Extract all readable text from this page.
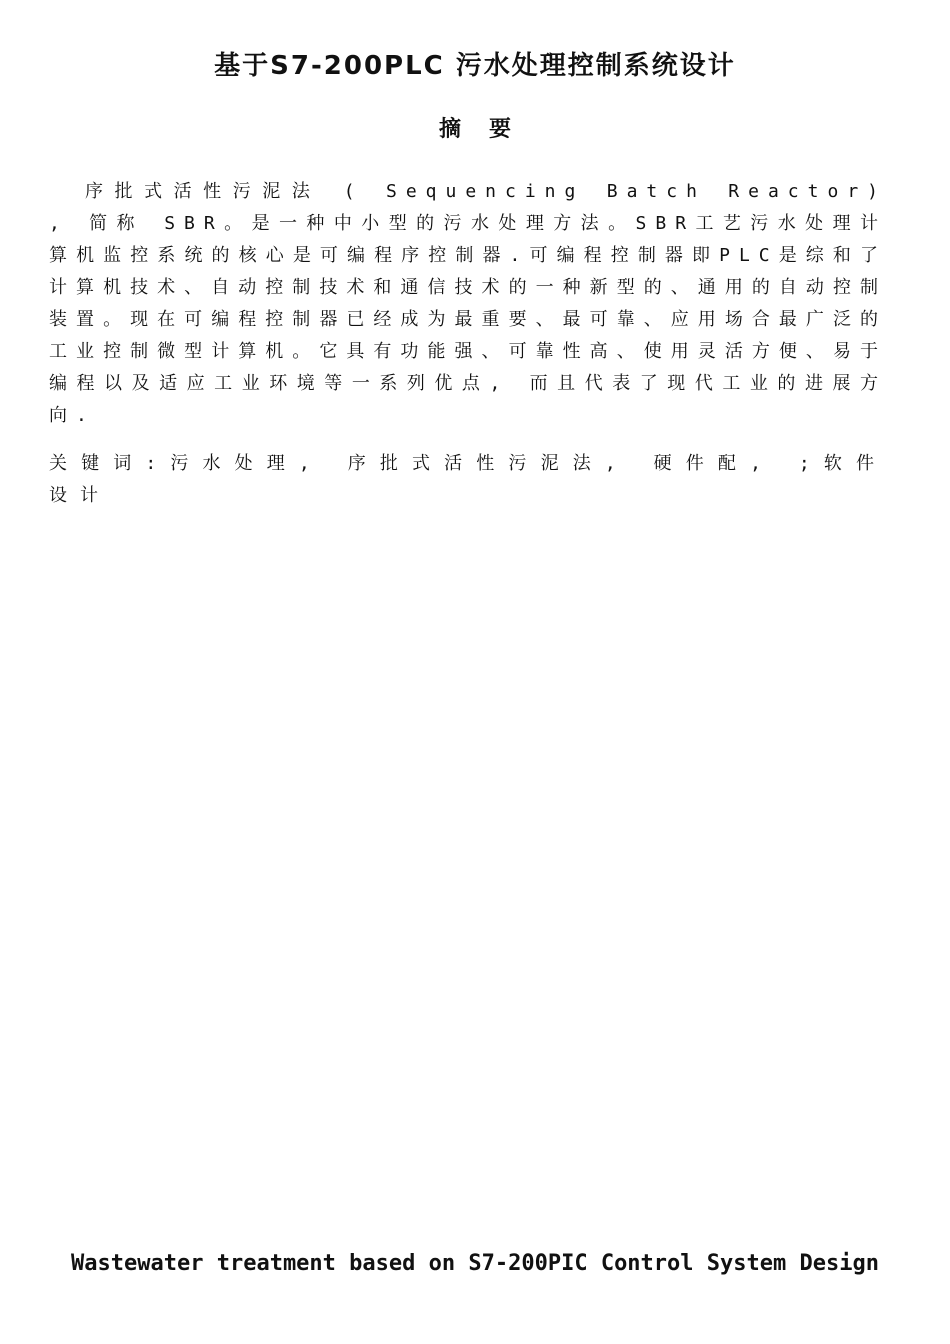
基于S7-200PLC 污水处理控制系统设计
摘要

序批式活性污泥法 ( Sequencing Batch Reactor) , 简称 SBR。是一种中小型的污水处理方法。SBR工艺污水处理计算机监控系统的核心是可编程序控制器.可编程控制器即PLC是综和了计算机技术、自动控制技术和通信技术的一种新型的、通用的自动控制装置。现在可编程控制器已经成为最重要、最可靠、应用场合最广泛的工业控制微型计算机。它具有功能强、可靠性高、使用灵活方便、易于编程以及适应工业环境等一系列优点, 而且代表了现代工业的进展方向.

关键词:污水处理, 序批式活性污泥法, 硬件配, ;软件设计

Wastewater treatment based on S7-200PIC Control System Design
